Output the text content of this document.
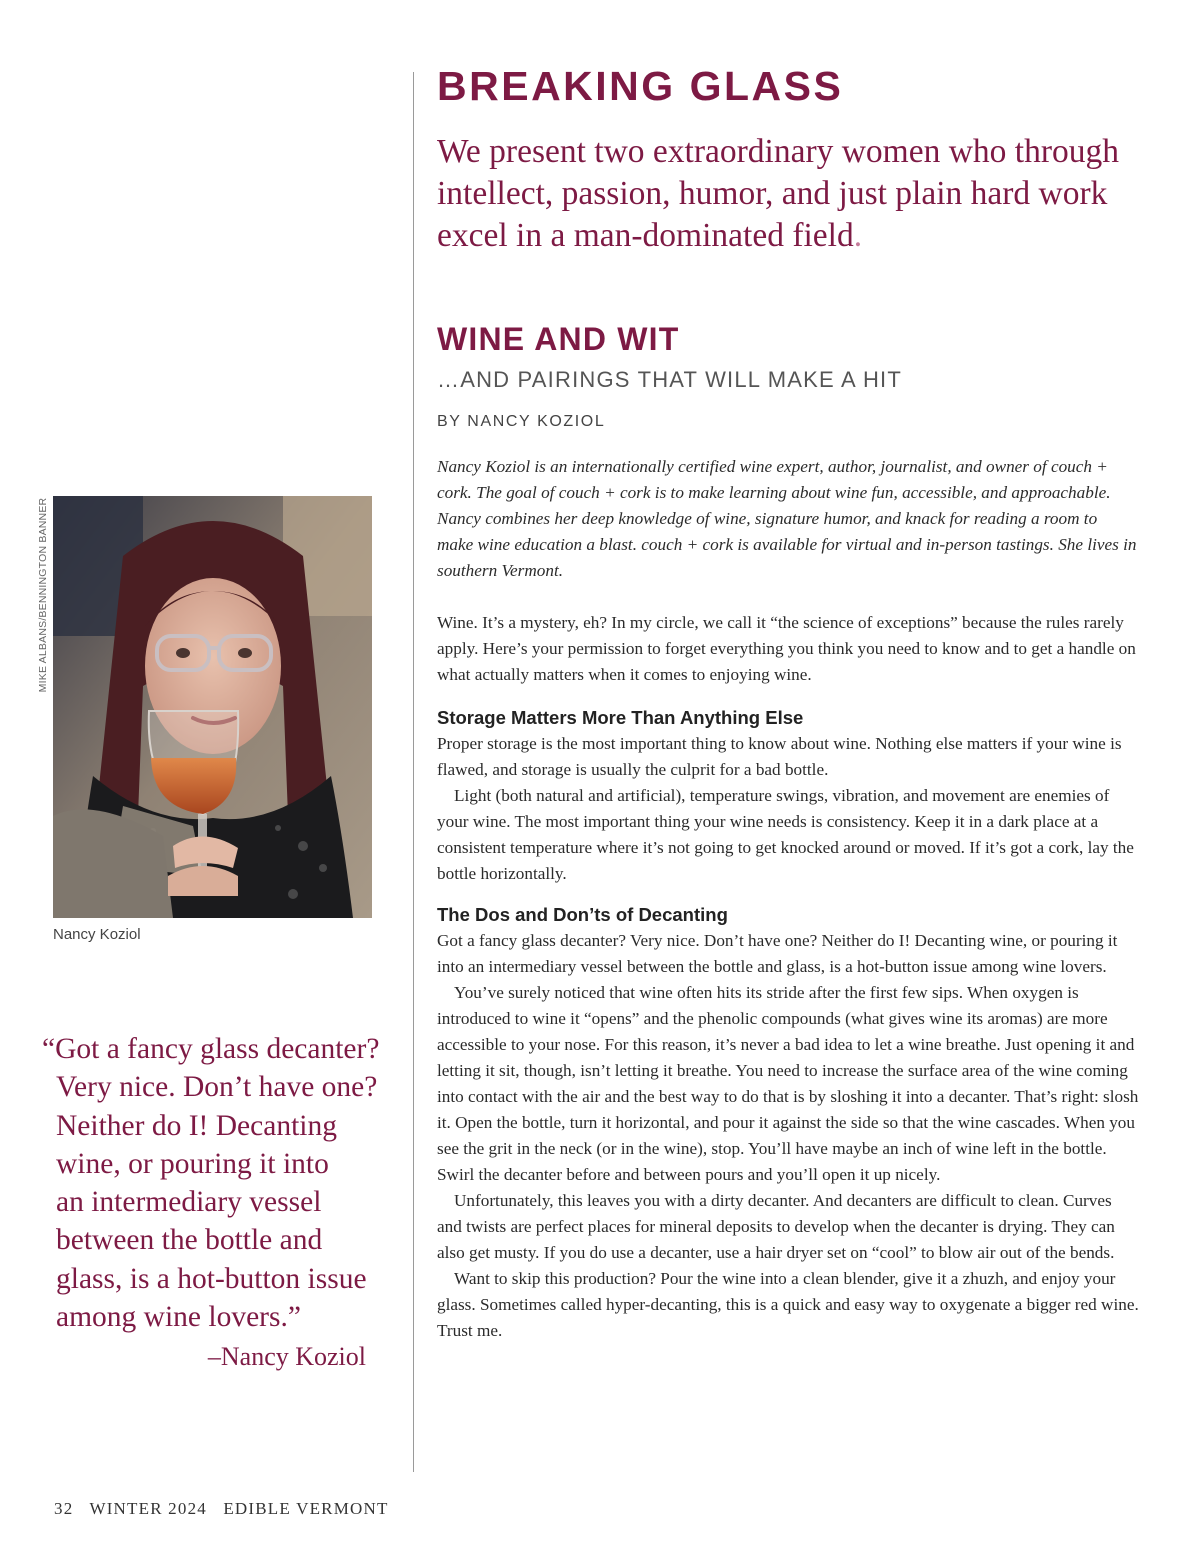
BREAKING GLASS

We present two extraordinary women who through intellect, passion, humor, and just plain hard work excel in a man-dominated field.

WINE AND WIT

…AND PAIRINGS THAT WILL MAKE A HIT

BY NANCY KOZIOL

Nancy Koziol is an internationally certified wine expert, author, journalist, and owner of couch + cork. The goal of couch + cork is to make learning about wine fun, accessible, and approachable. Nancy combines her deep knowledge of wine, signature humor, and knack for reading a room to make wine education a blast. couch + cork is available for virtual and in-person tastings. She lives in southern Vermont.

Wine. It’s a mystery, eh? In my circle, we call it “the science of exceptions” because the rules rarely apply. Here’s your permission to forget everything you think you need to know and to get a handle on what actually matters when it comes to enjoying wine.

Storage Matters More Than Anything Else

Proper storage is the most important thing to know about wine. Nothing else matters if your wine is flawed, and storage is usually the culprit for a bad bottle.

Light (both natural and artificial), temperature swings, vibration, and movement are enemies of your wine. The most important thing your wine needs is consistency. Keep it in a dark place at a consistent temperature where it’s not going to get knocked around or moved. If it’s got a cork, lay the bottle horizontally.

The Dos and Don’ts of Decanting

Got a fancy glass decanter? Very nice. Don’t have one? Neither do I! Decanting wine, or pouring it into an intermediary vessel between the bottle and glass, is a hot-button issue among wine lovers.

You’ve surely noticed that wine often hits its stride after the first few sips. When oxygen is introduced to wine it “opens” and the phenolic compounds (what gives wine its aromas) are more accessible to your nose. For this reason, it’s never a bad idea to let a wine breathe. Just opening it and letting it sit, though, isn’t letting it breathe. You need to increase the surface area of the wine coming into contact with the air and the best way to do that is by sloshing it into a decanter. That’s right: slosh it. Open the bottle, turn it horizontal, and pour it against the side so that the wine cascades. When you see the grit in the neck (or in the wine), stop. You’ll have maybe an inch of wine left in the bottle. Swirl the decanter before and between pours and you’ll open it up nicely.

Unfortunately, this leaves you with a dirty decanter. And decanters are difficult to clean. Curves and twists are perfect places for mineral deposits to develop when the decanter is drying. They can also get musty. If you do use a decanter, use a hair dryer set on “cool” to blow air out of the bends.

Want to skip this production? Pour the wine into a clean blender, give it a zhuzh, and enjoy your glass. Sometimes called hyper-decanting, this is a quick and easy way to oxygenate a bigger red wine. Trust me.

MIKE ALBANS/BENNINGTON BANNER

Nancy Koziol

“Got a fancy glass decanter?
Very nice. Don’t have one?
Neither do I! Decanting
wine, or pouring it into
an intermediary vessel
between the bottle and
glass, is a hot-button issue
among wine lovers.”
–Nancy Koziol

32   WINTER 2024   EDIBLE VERMONT
